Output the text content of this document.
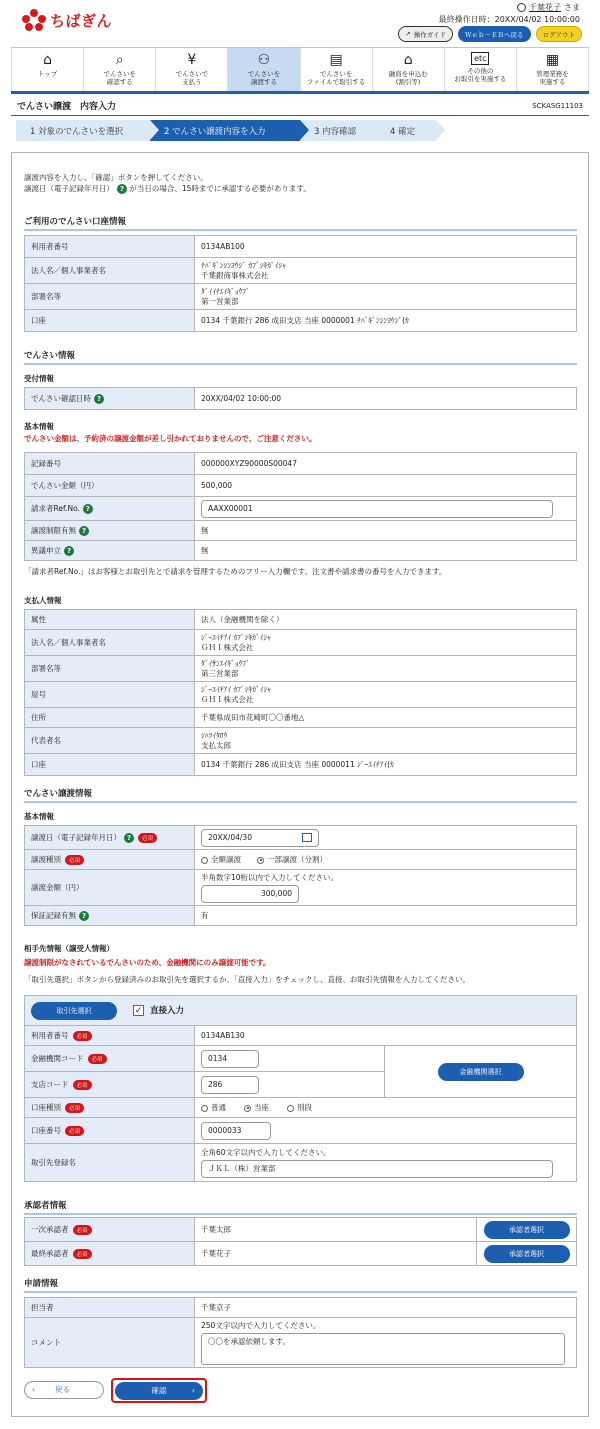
ちばぎん
千葉花子 さま
最終操作日時：20XX/04/02 10:00:00
↗ 操作ガイド	Ｗｅｂ－ＥＢへ戻る	ログアウト
⌂
トップ
⌕
でんさいを
確認する
¥
でんさいで
支払う
⚇
でんさいを
譲渡する
▤
でんさいを
ファイルで取引する
⌂
融資を申込む
(割引等)
etc
その他の
お取引を実施する
▦
管理業務を
実施する
でんさい譲渡　内容入力	SCKASG11103
1 対象のでんさいを選択	2 でんさい譲渡内容を入力	3 内容確認	4 確定
譲渡内容を入力し、「確認」ボタンを押してください。
譲渡日（電子記録年月日） ? が当日の場合、15時までに承認する必要があります。
ご利用のでんさい口座情報
利用者番号	0134AB100
法人名／個人事業者名	ﾁﾊﾞｷﾞﾝｼﾝﾖｳｼﾞ ｶﾌﾞｼｷｶﾞｲｼｬ
千葉銀商事株式会社
部署名等	ﾀﾞｲｲﾁｴｲｷﾞｮｳﾌﾞ
第一営業部
口座	0134 千葉銀行 286 成田支店 当座 0000001 ﾁﾊﾞｷﾞﾝｼﾝﾖｳｼﾞ(ｶ
でんさい情報
受付情報
でんさい確認日時 ?	20XX/04/02 10:00:00
基本情報
でんさい金額は、予約済の譲渡金額が差し引かれておりませんので、ご注意ください。
記録番号	000000XYZ90000S00047
でんさい金額（円）	500,000
請求者Ref.No. ?	AAXX00001
譲渡制限有無 ?	無
異議申立 ?	無
「請求者Ref.No.」はお客様とお取引先とで請求を管理するためのフリー入力欄です。注文書や請求書の番号を入力できます。
支払人情報
属性	法人（金融機関を除く）
法人名／個人事業者名	ｼﾞｰｴｲﾁｱｲ ｶﾌﾞｼｷｶﾞｲｼｬ
ＧＨＩ株式会社
部署名等	ﾀﾞｲｻﾝｴｲｷﾞｮｳﾌﾞ
第三営業部
屋号	ｼﾞｰｴｲﾁｱｲ ｶﾌﾞｼｷｶﾞｲｼｬ
ＧＨＩ株式会社
住所	千葉県成田市花崎町〇〇番地△
代表者名	ｼﾊﾗｲﾀﾛｳ
支払太郎
口座	0134 千葉銀行 286 成田支店 当座 0000011 ｼﾞｰｴｲﾁｱｲ(ｶ
でんさい譲渡情報
基本情報
譲渡日（電子記録年月日） ? 必須	20XX/04/30

譲渡種別 必須	全額譲渡 一部譲渡（分割）
譲渡金額（円）	半角数字10桁以内で入力してください。
300,000
保証記録有無 ?	有
相手先情報（譲受人情報）
譲渡制限がなされているでんさいのため、金融機関にのみ譲渡可能です。
「取引先選択」ボタンから登録済みのお取引先を選択するか、「直接入力」をチェックし、直接、お取引先情報を入力してください。
取引先選択 ✓ 直接入力		
利用者番号 必須	0134AB130	
金融機関コード 必須	0134	金融機関選択
支店コード 必須	286	
口座種別 必須	普通 当座 別段	
口座番号 必須	0000033	
取引先登録名	全角60文字以内で入力してください。
ＪＫＬ（株）営業部	
承認者情報
一次承認者 必須	千葉太郎	承認者選択
最終承認者 必須	千葉花子	承認者選択
申請情報
担当者	千葉京子
コメント	250文字以内で入力してください。
〇〇を承認依頼します。
‹	戻る	確認	›
